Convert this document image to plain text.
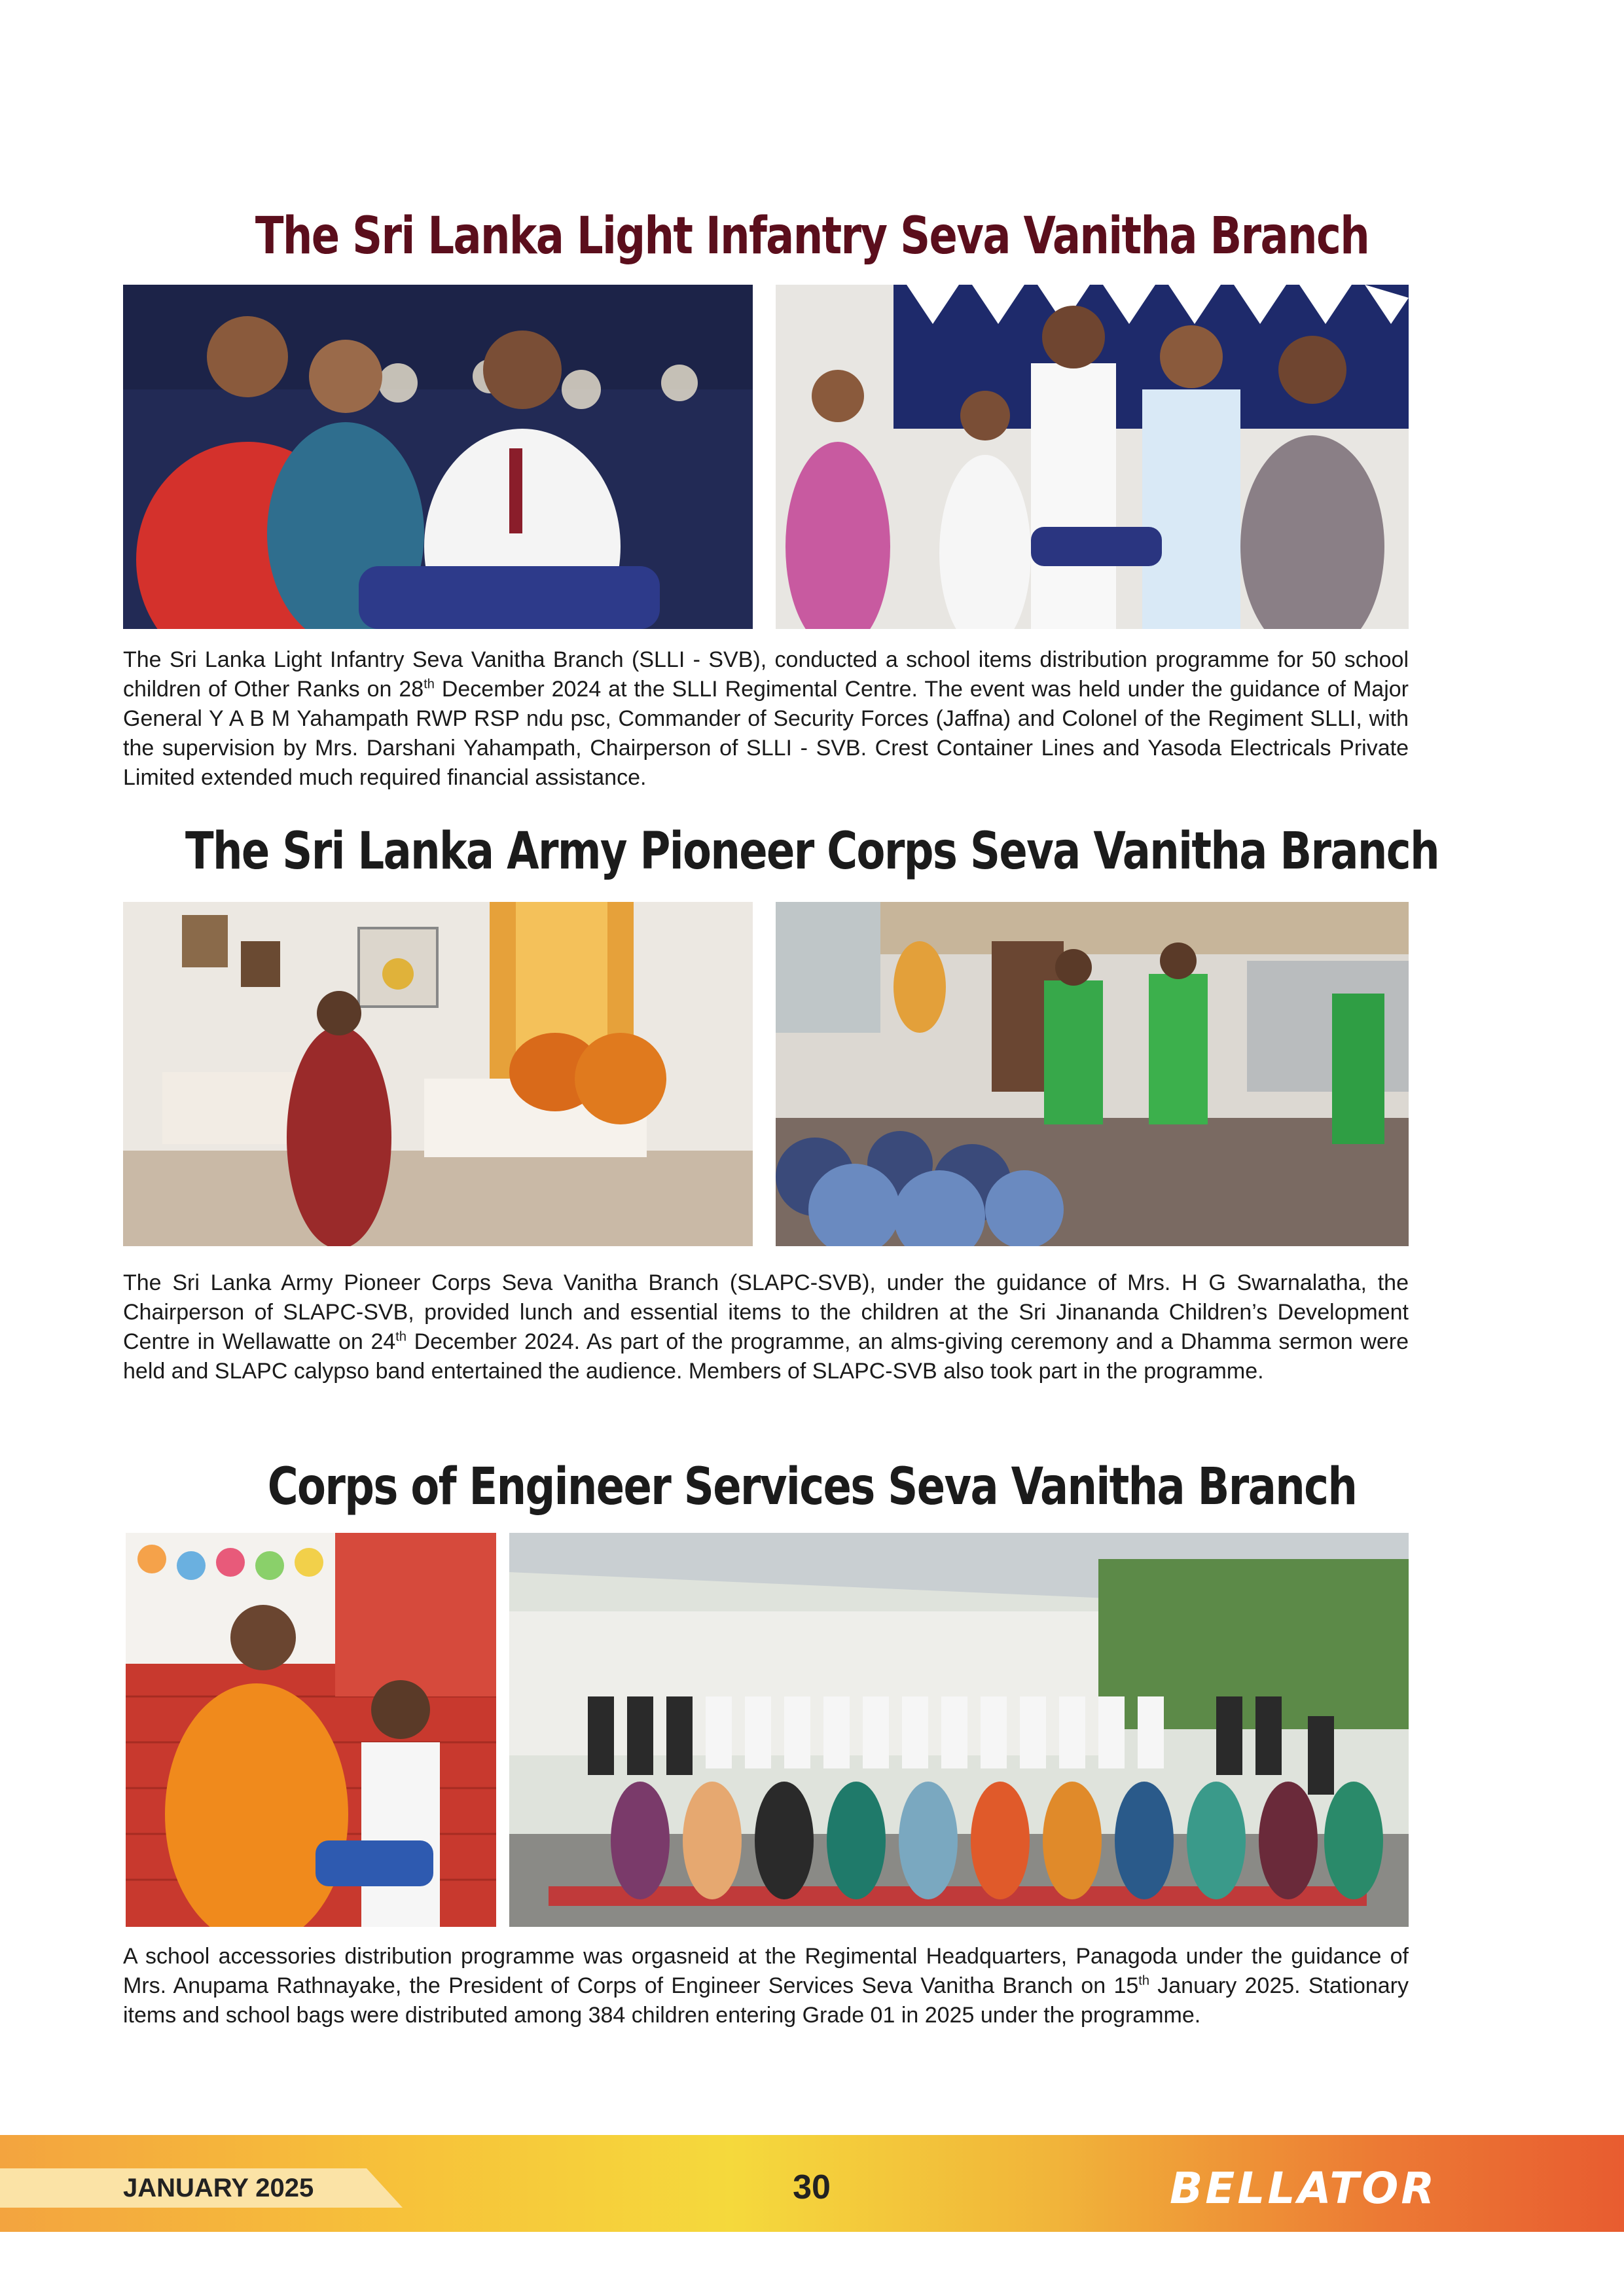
The Sri Lanka Light Infantry Seva Vanitha Branch
The Sri Lanka Light Infantry Seva Vanitha Branch (SLLI - SVB), conducted a school items distribution programme for 50 school children of Other Ranks on 28th December 2024 at the SLLI Regimental Centre. The event was held under the guidance of Major General Y A B M Yahampath RWP RSP ndu psc, Commander of Security Forces (Jaffna) and Colonel of the Regiment SLLI, with the supervision by Mrs. Darshani Yahampath, Chairperson of SLLI - SVB. Crest Container Lines and Yasoda Electricals Private Limited extended much required financial assistance.
The Sri Lanka Army Pioneer Corps Seva Vanitha Branch
The Sri Lanka Army Pioneer Corps Seva Vanitha Branch (SLAPC-SVB), under the guidance of Mrs. H G Swarnalatha, the Chairperson of SLAPC-SVB, provided lunch and essential items to the children at the Sri Jinananda Children’s Development Centre in Wellawatte on 24th December 2024. As part of the programme, an alms-giving ceremony and a Dhamma sermon were held and SLAPC calypso band entertained the audience. Members of SLAPC-SVB also took part in the programme.
Corps of Engineer Services Seva Vanitha Branch
A school accessories distribution programme was orgasneid at the Regimental Headquarters, Panagoda under the guidance of Mrs. Anupama Rathnayake, the President of Corps of Engineer Services Seva Vanitha Branch on 15th January 2025. Stationary items and school bags were distributed among 384 children entering Grade 01 in 2025 under the programme.
JANUARY 2025	30	BELLATOR
